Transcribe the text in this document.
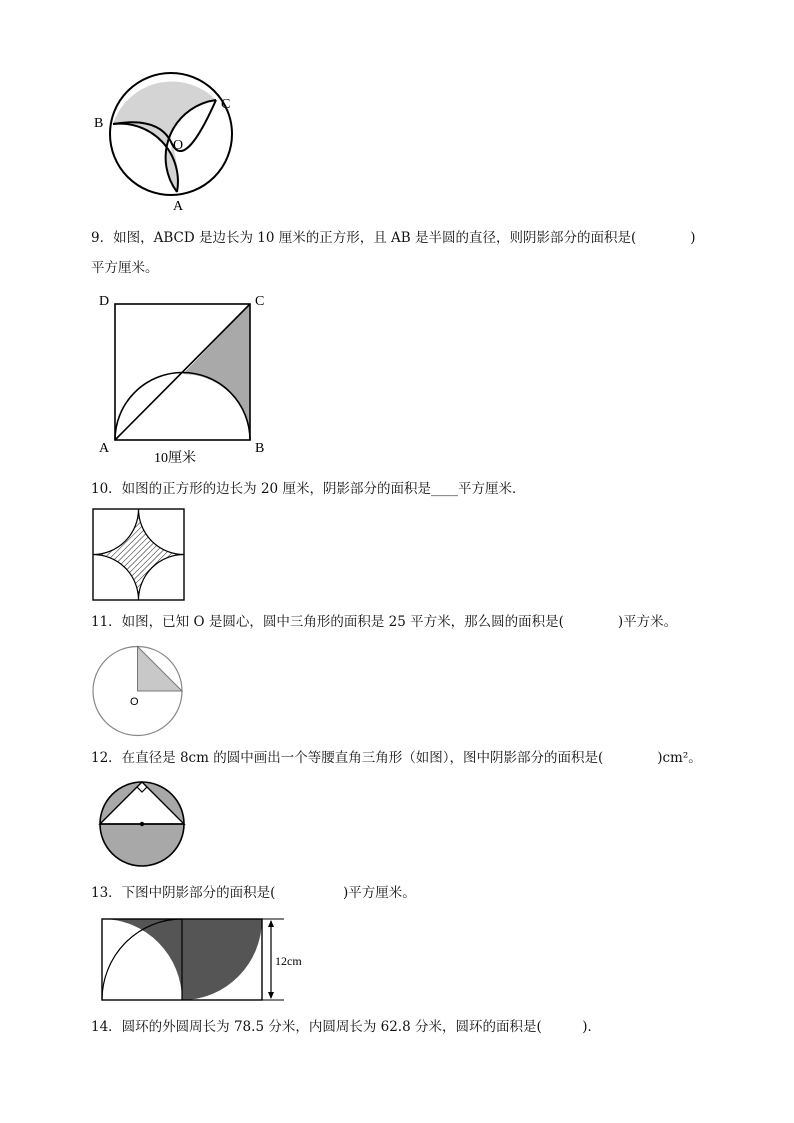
B
C
O
A
9．如图，ABCD 是边长为 10 厘米的正方形，且 AB 是半圆的直径，则阴影部分的面积是(　　　　)
平方厘米。
D	C
A	B
10厘米
10．如图的正方形的边长为 20 厘米，阴影部分的面积是____平方厘米．
11．如图，已知 O 是圆心，圆中三角形的面积是 25 平方米，那么圆的面积是(　　　　)平方米。
O
12．在直径是 8cm 的圆中画出一个等腰直角三角形（如图），图中阴影部分的面积是(　　　　)cm²。
13．下图中阴影部分的面积是(　　　　　)平方厘米。
12cm
14．圆环的外圆周长为 78.5 分米，内圆周长为 62.8 分米，圆环的面积是(　　　)．
